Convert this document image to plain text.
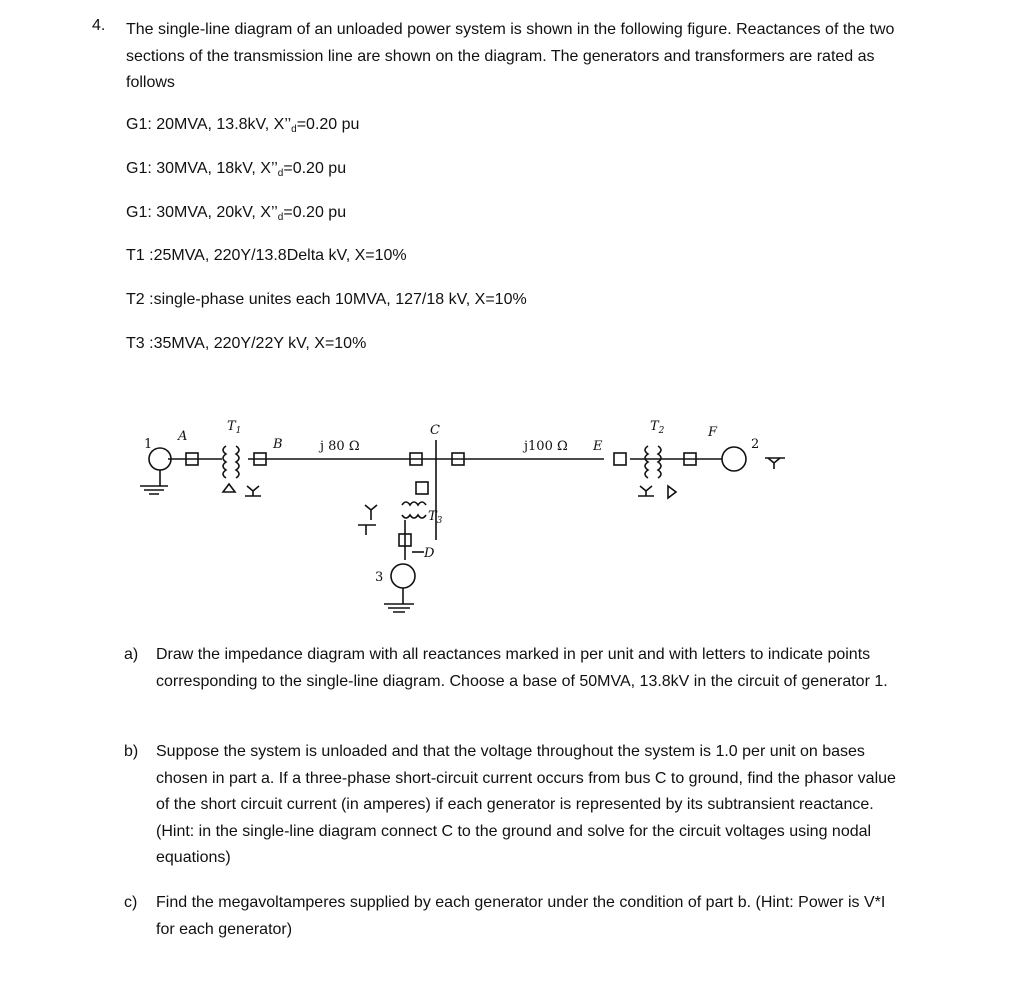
4. The single-line diagram of an unloaded power system is shown in the following figure. Reactances of the two sections of the transmission line are shown on the diagram. The generators and transformers are rated as follows
G1: 20MVA, 13.8kV, $X’’_d=0.20$ pu
G1: 30MVA, 18kV, $X’’_d=0.20$ pu
G1: 30MVA, 20kV, $X’’_d=0.20$ pu
T1 :25MVA, 220Y/13.8Delta kV, X=10%
T2 :single-phase unites each 10MVA, 127/18 kV, X=10%
T3 :35MVA, 220Y/22Y kV, X=10%
1
A
$T_1$
B	j 80 Ω
C
j100 Ω E
$T_2$	F
2
$T_3$
D
3
a) Draw the impedance diagram with all reactances marked in per unit and with letters to indicate points corresponding to the single-line diagram. Choose a base of 50MVA, 13.8kV in the circuit of generator 1.
b) Suppose the system is unloaded and that the voltage throughout the system is 1.0 per unit on bases chosen in part a. If a three-phase short-circuit current occurs from bus C to ground, find the phasor value of the short circuit current (in amperes) if each generator is represented by its subtransient reactance. (Hint: in the single-line diagram connect C to the ground and solve for the circuit voltages using nodal equations)
c) Find the megavoltamperes supplied by each generator under the condition of part b. (Hint: Power is V*I for each generator)
